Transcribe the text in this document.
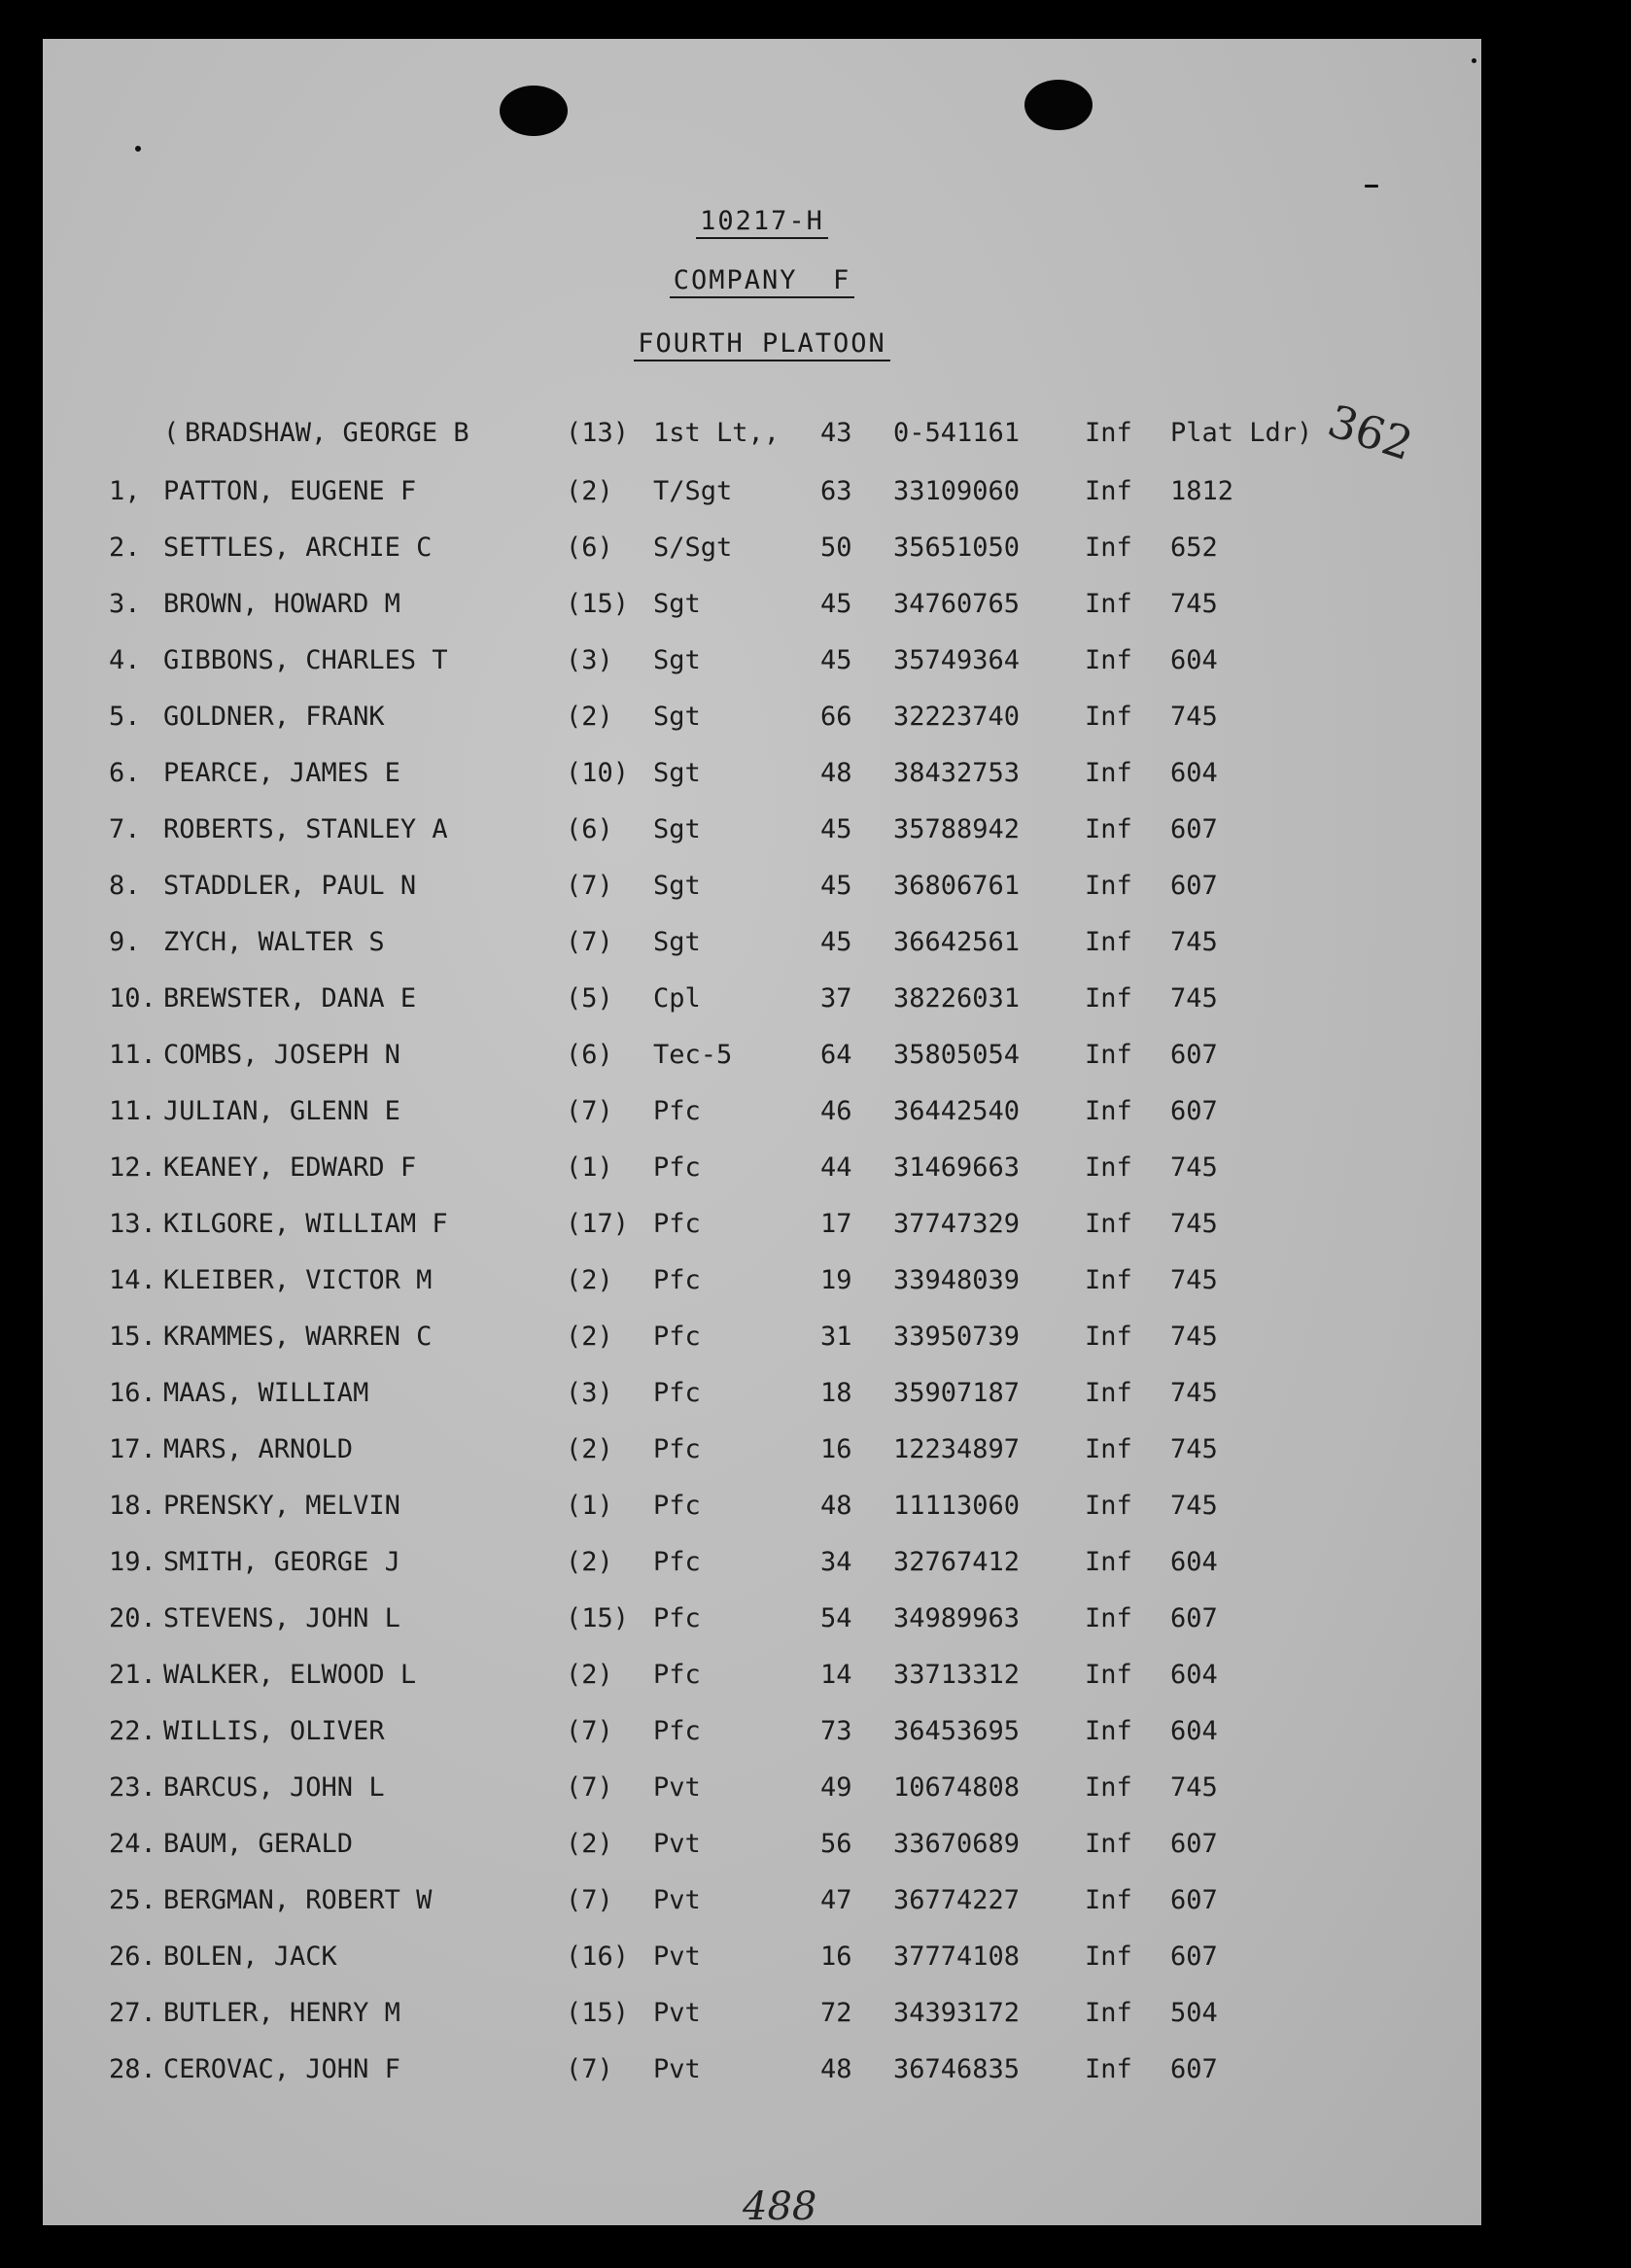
10217-H
COMPANY  F
FOURTH PLATOON
362
( BRADSHAW, GEORGE B	(13) 1st Lt,, 43 0-541161 Inf Plat Ldr)
1, PATTON, EUGENE F	(2) T/Sgt	63 33109060 Inf 1812
2. SETTLES, ARCHIE C	(6) S/Sgt	50 35651050 Inf 652
3. BROWN, HOWARD M	(15) Sgt	45 34760765 Inf 745
4. GIBBONS, CHARLES T	(3) Sgt	45 35749364 Inf 604
5. GOLDNER, FRANK	(2) Sgt	66 32223740 Inf 745
6. PEARCE, JAMES E	(10) Sgt	48 38432753 Inf 604
7. ROBERTS, STANLEY A	(6) Sgt	45 35788942 Inf 607
8. STADDLER, PAUL N	(7) Sgt	45 36806761 Inf 607
9. ZYCH, WALTER S	(7) Sgt	45 36642561 Inf 745
10. BREWSTER, DANA E	(5) Cpl	37 38226031 Inf 745
11. COMBS, JOSEPH N	(6) Tec-5	64 35805054 Inf 607
11. JULIAN, GLENN E	(7) Pfc	46 36442540 Inf 607
12. KEANEY, EDWARD F	(1) Pfc	44 31469663 Inf 745
13. KILGORE, WILLIAM F	(17) Pfc	17 37747329 Inf 745
14. KLEIBER, VICTOR M	(2) Pfc	19 33948039 Inf 745
15. KRAMMES, WARREN C	(2) Pfc	31 33950739 Inf 745
16. MAAS, WILLIAM	(3) Pfc	18 35907187 Inf 745
17. MARS, ARNOLD	(2) Pfc	16 12234897 Inf 745
18. PRENSKY, MELVIN	(1) Pfc	48 11113060 Inf 745
19. SMITH, GEORGE J	(2) Pfc	34 32767412 Inf 604
20. STEVENS, JOHN L	(15) Pfc	54 34989963 Inf 607
21. WALKER, ELWOOD L	(2) Pfc	14 33713312 Inf 604
22. WILLIS, OLIVER	(7) Pfc	73 36453695 Inf 604
23. BARCUS, JOHN L	(7) Pvt	49 10674808 Inf 745
24. BAUM, GERALD	(2) Pvt	56 33670689 Inf 607
25. BERGMAN, ROBERT W	(7) Pvt	47 36774227 Inf 607
26. BOLEN, JACK	(16) Pvt	16 37774108 Inf 607
27. BUTLER, HENRY M	(15) Pvt	72 34393172 Inf 504
28. CEROVAC, JOHN F	(7) Pvt	48 36746835 Inf 607
488
